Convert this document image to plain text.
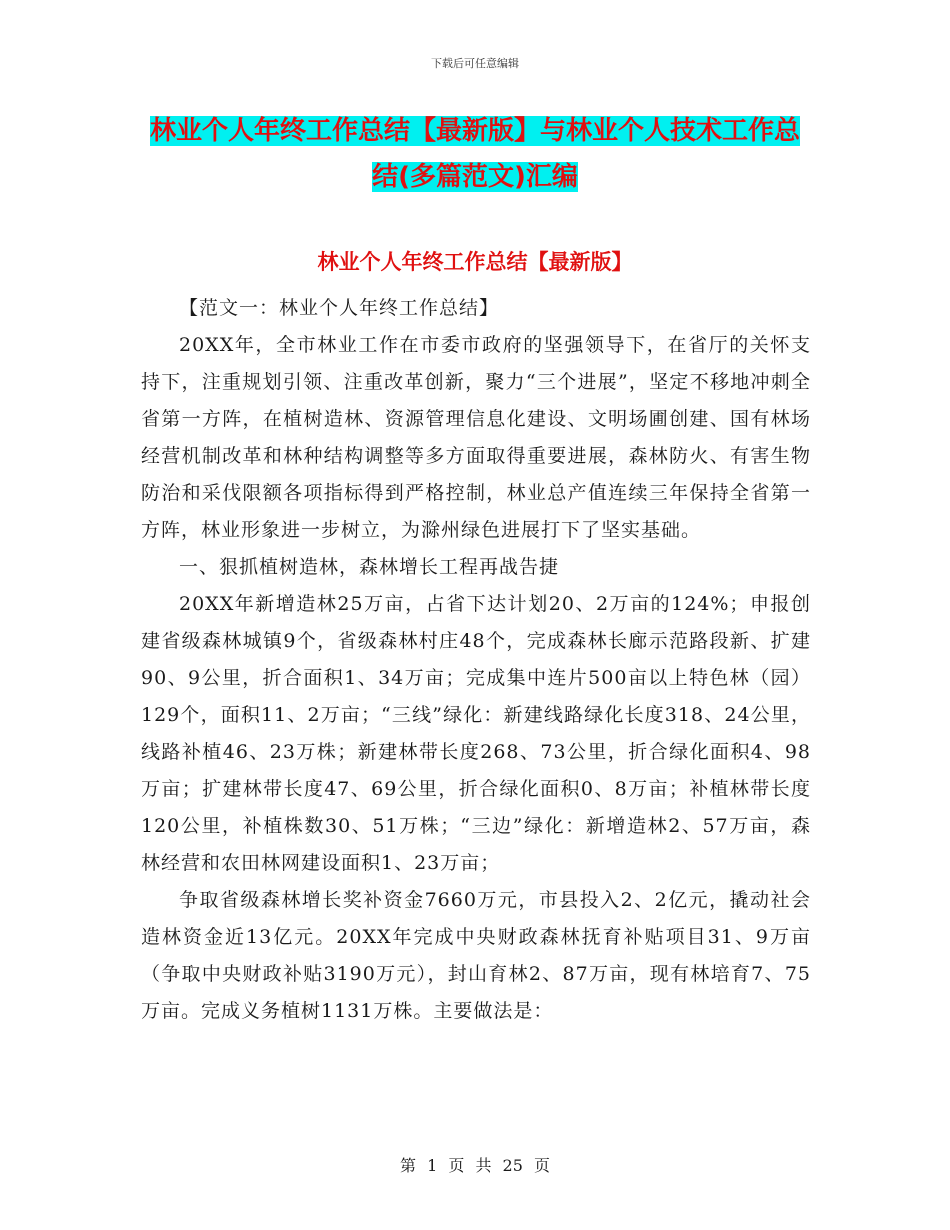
下载后可任意编辑
林业个人年终工作总结【最新版】与林业个人技术工作总结(多篇范文)汇编
林业个人年终工作总结【最新版】

【范文一：林业个人年终工作总结】

20XX年，全市林业工作在市委市政府的坚强领导下，在省厅的关怀支持下，注重规划引领、注重改革创新，聚力“三个进展”，坚定不移地冲刺全省第一方阵，在植树造林、资源管理信息化建设、文明场圃创建、国有林场经营机制改革和林种结构调整等多方面取得重要进展，森林防火、有害生物防治和采伐限额各项指标得到严格控制，林业总产值连续三年保持全省第一方阵，林业形象进一步树立，为滁州绿色进展打下了坚实基础。

一、狠抓植树造林，森林增长工程再战告捷

20XX年新增造林25万亩，占省下达计划20、2万亩的124%；申报创建省级森林城镇9个，省级森林村庄48个，完成森林长廊示范路段新、扩建90、9公里，折合面积1、34万亩；完成集中连片500亩以上特色林（园）129个，面积11、2万亩；“三线”绿化：新建线路绿化长度318、24公里，线路补植46、23万株；新建林带长度268、73公里，折合绿化面积4、98万亩；扩建林带长度47、69公里，折合绿化面积0、8万亩；补植林带长度120公里，补植株数30、51万株；“三边”绿化：新增造林2、57万亩，森林经营和农田林网建设面积1、23万亩；

争取省级森林增长奖补资金7660万元，市县投入2、2亿元，撬动社会造林资金近13亿元。20XX年完成中央财政森林抚育补贴项目31、9万亩（争取中央财政补贴3190万元），封山育林2、87万亩，现有林培育7、75万亩。完成义务植树1131万株。主要做法是：

第 1 页 共 25 页
